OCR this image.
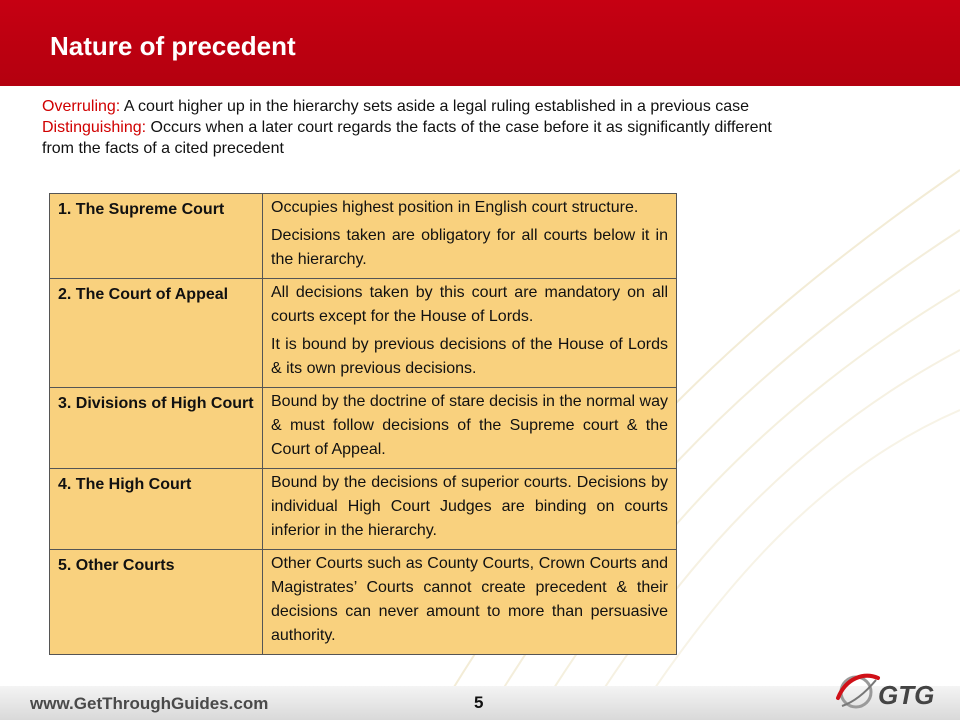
Nature of precedent
Overruling: A court higher up in the hierarchy sets aside a legal ruling established in a previous case
Distinguishing: Occurs when a later court regards the facts of the case before it as significantly different from the facts of a cited precedent
1. The Supreme Court	Occupies highest position in English court structure.

Decisions taken are obligatory for all courts below it in the hierarchy.

2. The Court of Appeal	All decisions taken by this court are mandatory on all courts except for the House of Lords.

It is bound by previous decisions of the House of Lords & its own previous decisions.

3. Divisions of High Court	Bound by the doctrine of stare decisis in the normal way & must follow decisions of the Supreme court & the Court of Appeal.

4. The High Court	Bound by the decisions of superior courts. Decisions by individual High Court Judges are binding on courts inferior in the hierarchy.

5. Other Courts	Other Courts such as County Courts, Crown Courts and Magistrates’ Courts cannot create precedent & their decisions can never amount to more than persuasive authority.

www.GetThroughGuides.com	5	GTG
